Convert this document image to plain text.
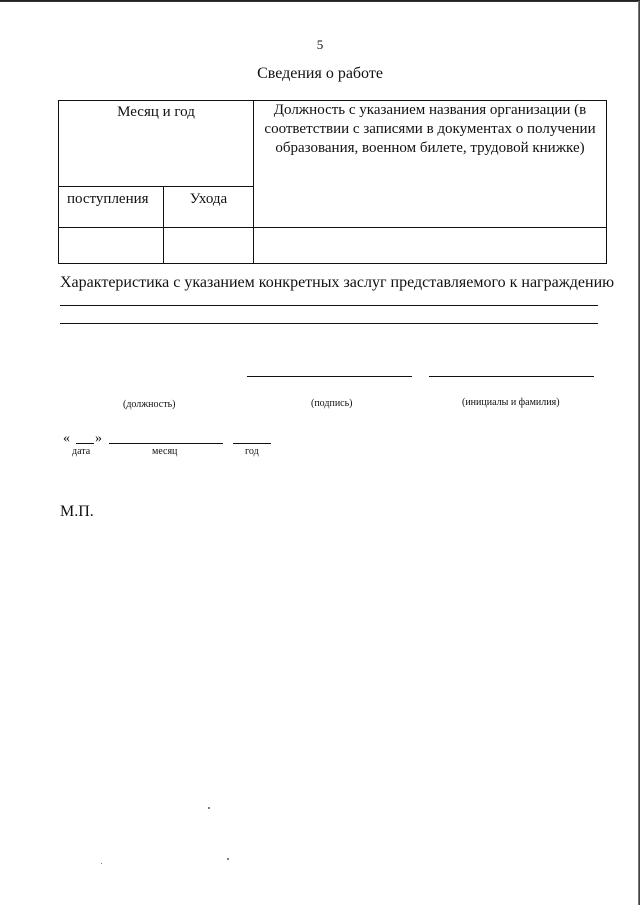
5
Сведения о работе
Месяц и год		Должность с указанием названия организации (в соответствии с записями в документах о получении образования, военном билете, трудовой книжке)
поступления	Ухода	

Характеристика с указанием конкретных заслуг представляемого к награждению
(должность)	(подпись)	(инициалы и фамилия)
« »
дата	месяц	год
М.П.
